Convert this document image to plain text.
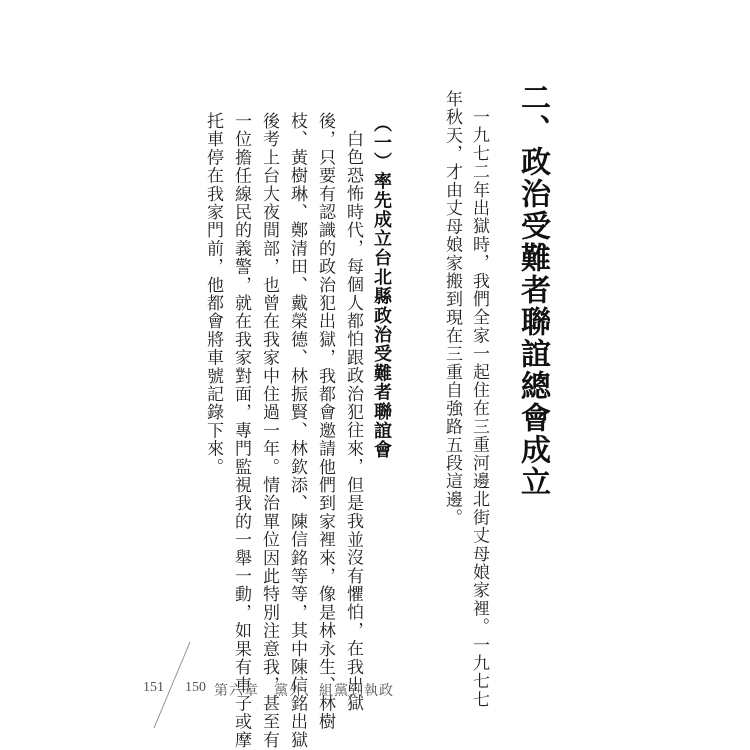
二、政治受難者聯誼總會成立
一九七二年出獄時，我們全家一起住在三重河邊北街丈母娘家裡。一九七七
年秋天，才由丈母娘家搬到現在三重自強路五段這邊。
（一）率先成立台北縣政治受難者聯誼會
白色恐怖時代，每個人都怕跟政治犯往來，但是我並沒有懼怕，在我出獄
後，只要有認識的政治犯出獄，我都會邀請他們到家裡來，像是林永生、林樹
枝、黃樹琳、鄭清田、戴榮德、林振賢、林欽添、陳信銘等等，其中陳信銘出獄
後考上台大夜間部，也曾在我家中住過一年。情治單位因此特別注意我，甚至有
一位擔任線民的義警，就在我家對面，專門監視我的一舉一動，如果有車子或摩
托車停在我家門前，他都會將車號記錄下來。
151 150 第六章　黨外、組黨到執政
